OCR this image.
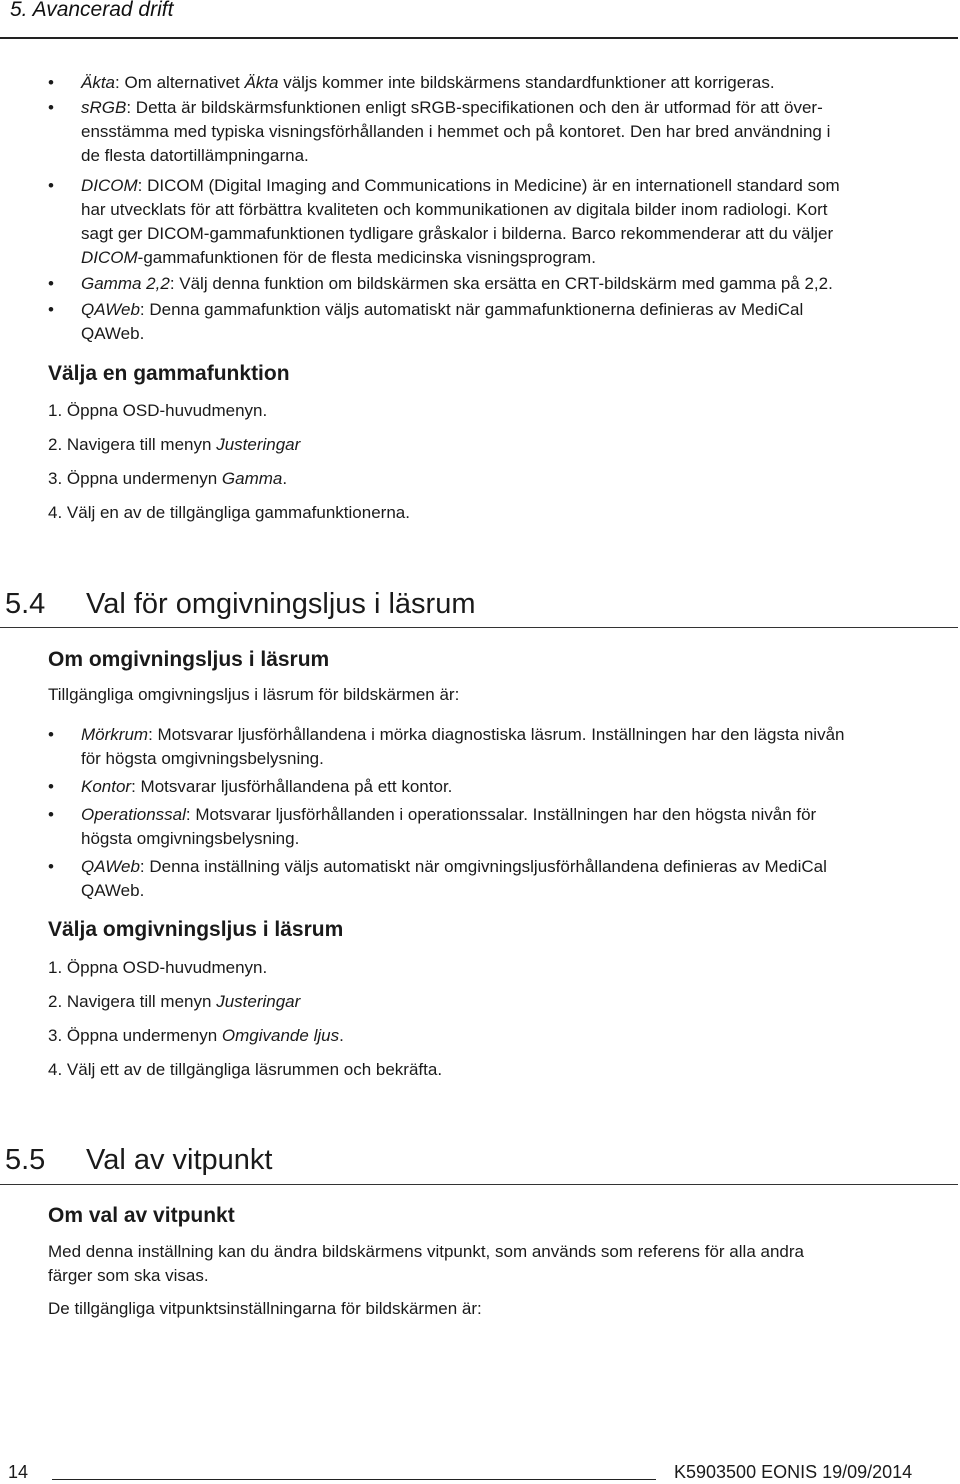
5. Avancerad drift
• Äkta: Om alternativet Äkta väljs kommer inte bildskärmens standardfunktioner att korrigeras.
• sRGB: Detta är bildskärmsfunktionen enligt sRGB-specifikationen och den är utformad för att över-
ensstämma med typiska visningsförhållanden i hemmet och på kontoret. Den har bred användning i
de flesta datortillämpningarna.
• DICOM: DICOM (Digital Imaging and Communications in Medicine) är en internationell standard som
har utvecklats för att förbättra kvaliteten och kommunikationen av digitala bilder inom radiologi. Kort
sagt ger DICOM-gammafunktionen tydligare gråskalor i bilderna. Barco rekommenderar att du väljer
DICOM-gammafunktionen för de flesta medicinska visningsprogram.
• Gamma 2,2: Välj denna funktion om bildskärmen ska ersätta en CRT-bildskärm med gamma på 2,2.
• QAWeb: Denna gammafunktion väljs automatiskt när gammafunktionerna definieras av MediCal
QAWeb.
Välja en gammafunktion
1. Öppna OSD-huvudmenyn.
2. Navigera till menyn Justeringar
3. Öppna undermenyn Gamma.
4. Välj en av de tillgängliga gammafunktionerna.
5.4 Val för omgivningsljus i läsrum
Om omgivningsljus i läsrum
Tillgängliga omgivningsljus i läsrum för bildskärmen är:
• Mörkrum: Motsvarar ljusförhållandena i mörka diagnostiska läsrum. Inställningen har den lägsta nivån
för högsta omgivningsbelysning.
• Kontor: Motsvarar ljusförhållandena på ett kontor.
• Operationssal: Motsvarar ljusförhållanden i operationssalar. Inställningen har den högsta nivån för
högsta omgivningsbelysning.
• QAWeb: Denna inställning väljs automatiskt när omgivningsljusförhållandena definieras av MediCal
QAWeb.
Välja omgivningsljus i läsrum
1. Öppna OSD-huvudmenyn.
2. Navigera till menyn Justeringar
3. Öppna undermenyn Omgivande ljus.
4. Välj ett av de tillgängliga läsrummen och bekräfta.
5.5 Val av vitpunkt
Om val av vitpunkt
Med denna inställning kan du ändra bildskärmens vitpunkt, som används som referens för alla andra
färger som ska visas.
De tillgängliga vitpunktsinställningarna för bildskärmen är:
14	K5903500 EONIS 19/09/2014
